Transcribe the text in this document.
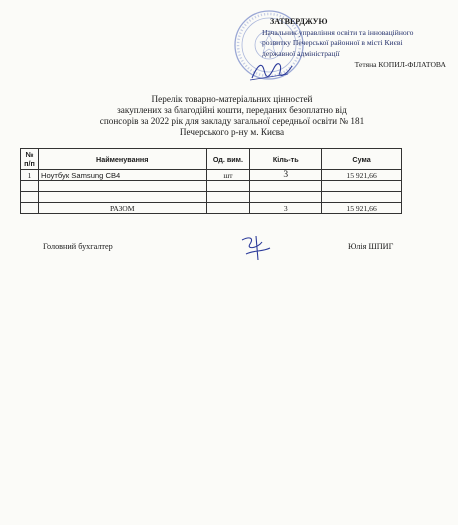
ЗАТВЕРДЖУЮ
Начальник управління освіти та інноваційного
розвитку Печерської районної в місті Києві
державної адміністрації
Тетяна КОПИЛ-ФІЛАТОВА
Перелік товарно-матеріальних цінностей
закуплених за благодійні кошти, переданих безоплатно від
спонсорів за 2022 рік для закладу загальної середньої освіти № 181
Печерського р-ну м. Києва
№ п/п	Найменування	Од. вим.	Кіль-ть	Сума
1	Ноутбук Samsung CB4	шт	3	15 921,66

	РАЗОМ		3	15 921,66
Головний бухгалтер	Юлія ШПИГ
